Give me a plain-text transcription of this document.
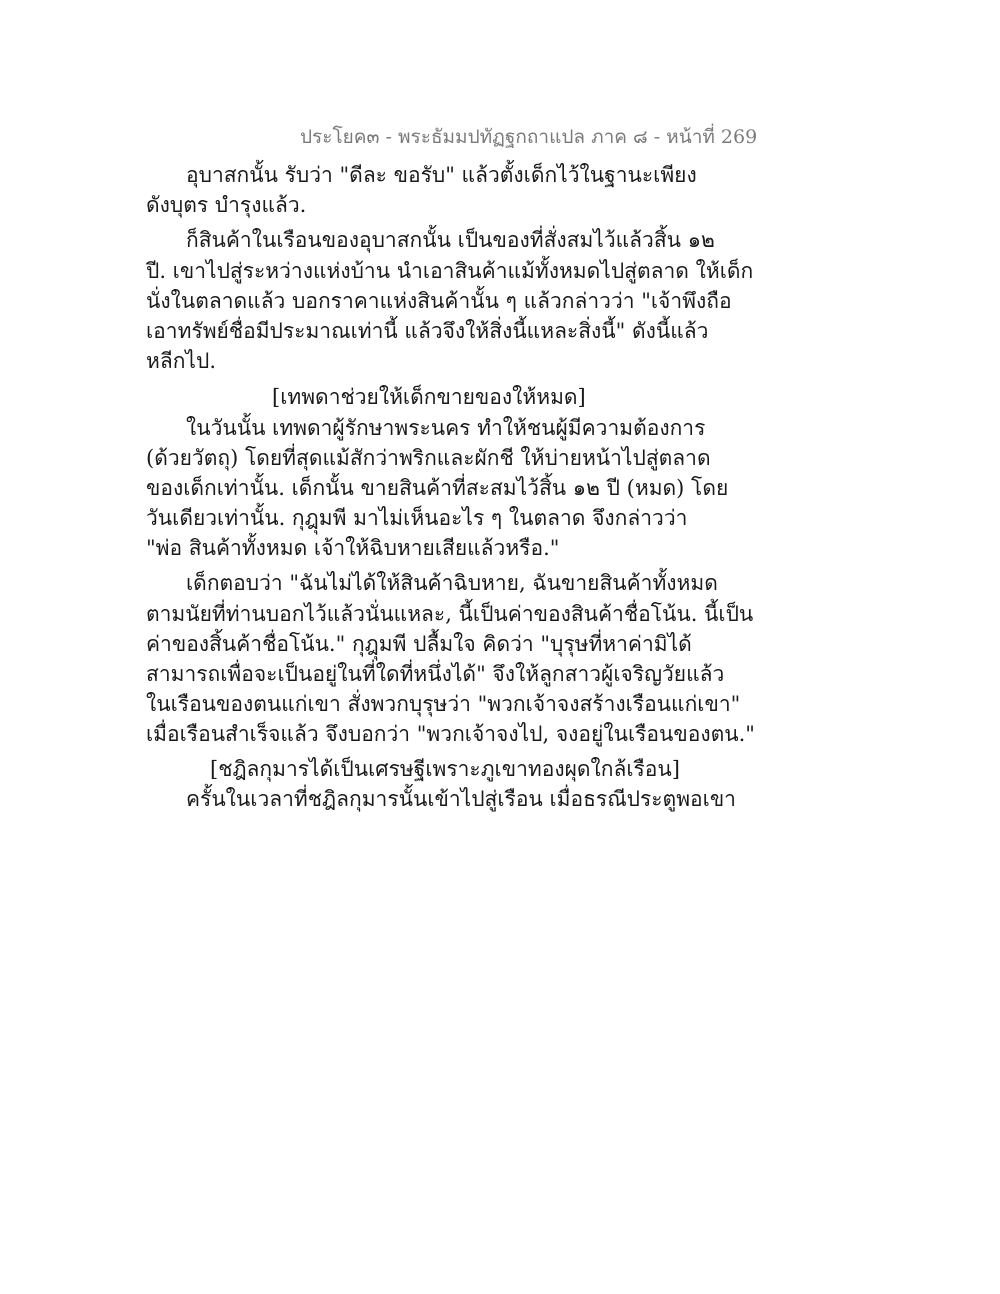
ประโยค๓ - พระธัมมปทัฏฐกถาแปล ภาค ๘ - หน้าที่ 269
อุบาสกนั้น รับว่า "ดีละ ขอรับ" แล้วตั้งเด็กไว้ในฐานะเพียง
ดังบุตร บำรุงแล้ว.
ก็สินค้าในเรือนของอุบาสกนั้น เป็นของที่สั่งสมไว้แล้วสิ้น ๑๒
ปี. เขาไปสู่ระหว่างแห่งบ้าน นำเอาสินค้าแม้ทั้งหมดไปสู่ตลาด ให้เด็ก
นั่งในตลาดแล้ว บอกราคาแห่งสินค้านั้น ๆ แล้วกล่าวว่า "เจ้าพึงถือ
เอาทรัพย์ชื่อมีประมาณเท่านี้ แล้วจึงให้สิ่งนี้แหละสิ่งนี้" ดังนี้แล้ว
หลีกไป.
[เทพดาช่วยให้เด็กขายของให้หมด]
ในวันนั้น เทพดาผู้รักษาพระนคร ทำให้ชนผู้มีความต้องการ
(ด้วยวัตถุ) โดยที่สุดแม้สักว่าพริกและผักชี ให้บ่ายหน้าไปสู่ตลาด
ของเด็กเท่านั้น. เด็กนั้น ขายสินค้าที่สะสมไว้สิ้น ๑๒ ปี (หมด) โดย
วันเดียวเท่านั้น. กุฎุมพี มาไม่เห็นอะไร ๆ ในตลาด จึงกล่าวว่า
"พ่อ สินค้าทั้งหมด เจ้าให้ฉิบหายเสียแล้วหรือ."
เด็กตอบว่า "ฉันไม่ได้ให้สินค้าฉิบหาย, ฉันขายสินค้าทั้งหมด
ตามนัยที่ท่านบอกไว้แล้วนั่นแหละ, นี้เป็นค่าของสินค้าชื่อโน้น. นี้เป็น
ค่าของสิ้นค้าชื่อโน้น." กุฎุมพี ปลื้มใจ คิดว่า "บุรุษที่หาค่ามิได้
สามารถเพื่อจะเป็นอยู่ในที่ใดที่หนึ่งได้" จึงให้ลูกสาวผู้เจริญวัยแล้ว
ในเรือนของตนแก่เขา สั่งพวกบุรุษว่า "พวกเจ้าจงสร้างเรือนแก่เขา"
เมื่อเรือนสำเร็จแล้ว จึงบอกว่า "พวกเจ้าจงไป, จงอยู่ในเรือนของตน."
[ชฎิลกุมารได้เป็นเศรษฐีเพราะภูเขาทองผุดใกล้เรือน]
ครั้นในเวลาที่ชฎิลกุมารนั้นเข้าไปสู่เรือน เมื่อธรณีประตูพอเขา
